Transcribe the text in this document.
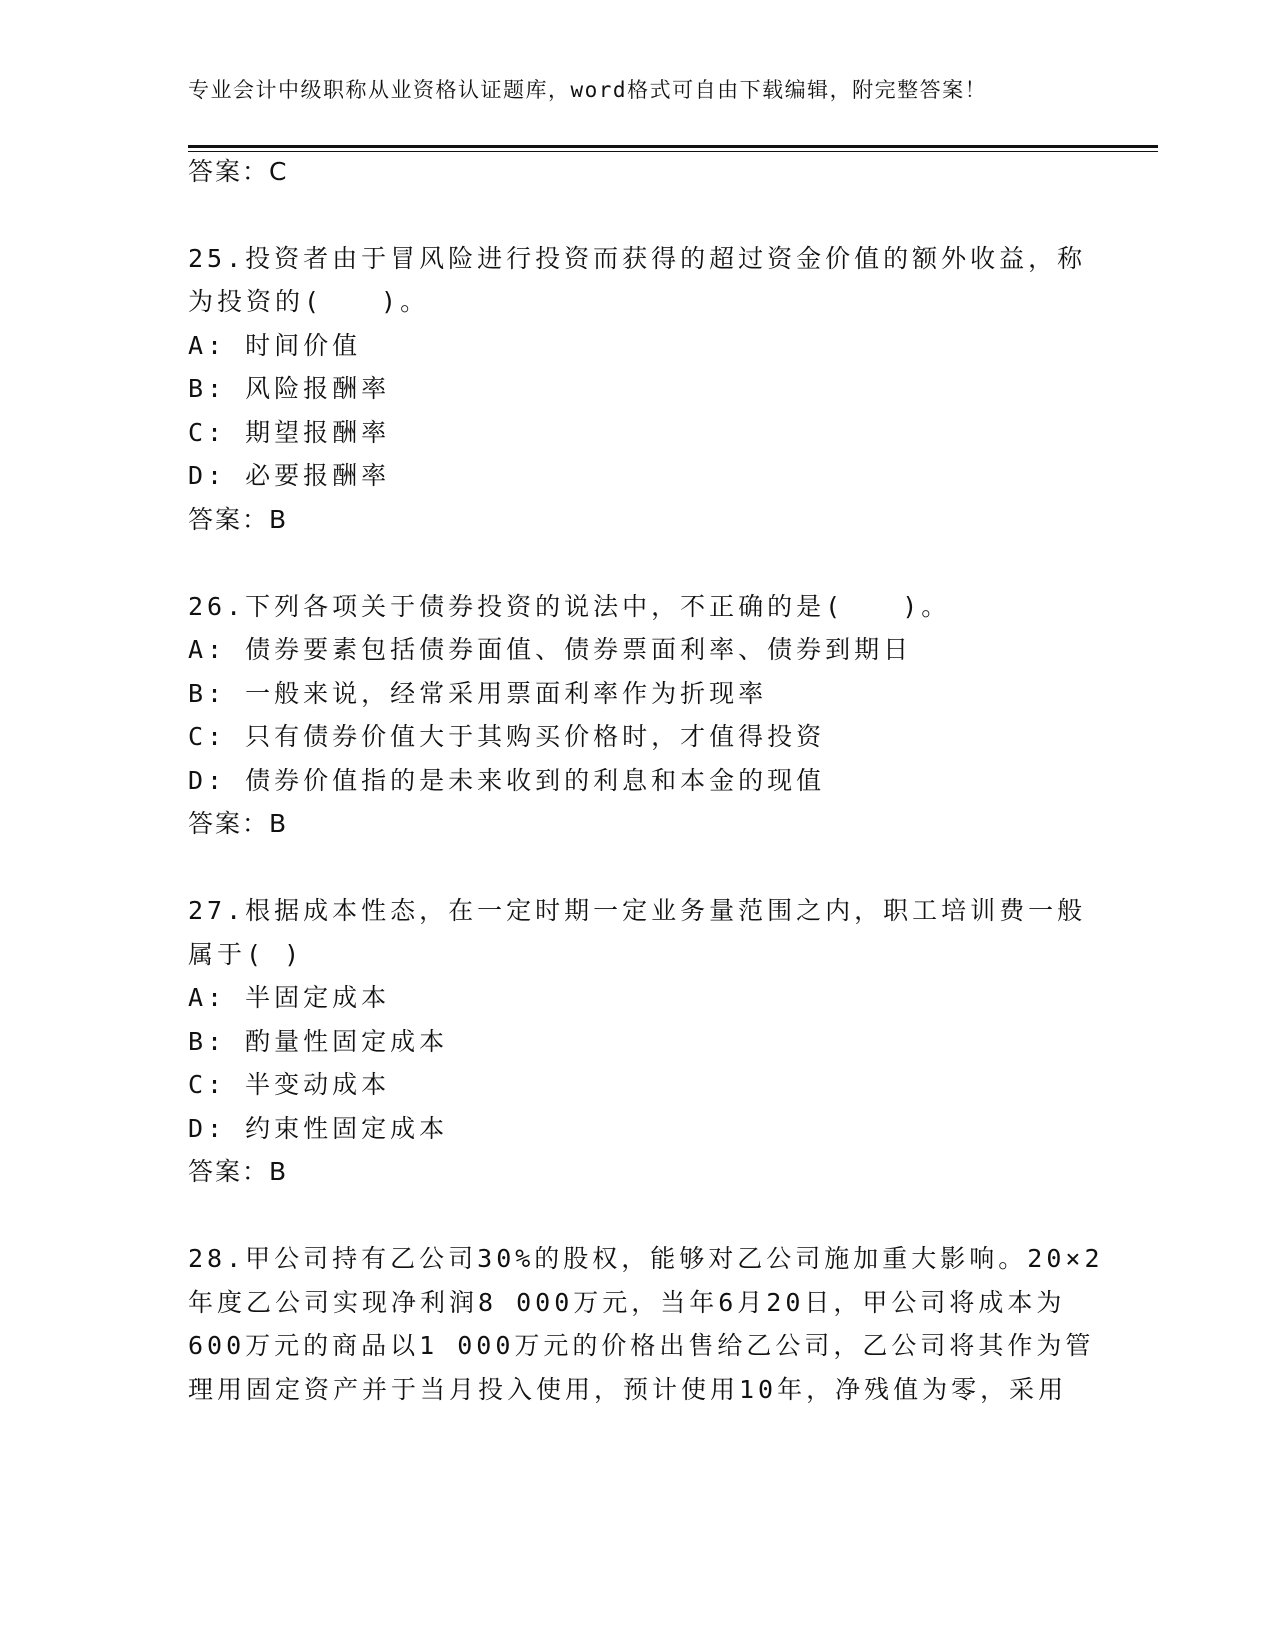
专业会计中级职称从业资格认证题库，word格式可自由下载编辑，附完整答案！
答案：C
25.投资者由于冒风险进行投资而获得的超过资金价值的额外收益，称
为投资的(　　)。
A: 时间价值
B: 风险报酬率
C: 期望报酬率
D: 必要报酬率
答案：B
26.下列各项关于债券投资的说法中，不正确的是(　　)。
A: 债券要素包括债券面值、债券票面利率、债券到期日
B: 一般来说，经常采用票面利率作为折现率
C: 只有债券价值大于其购买价格时，才值得投资
D: 债券价值指的是未来收到的利息和本金的现值
答案：B
27.根据成本性态，在一定时期一定业务量范围之内，职工培训费一般
属于( )
A: 半固定成本
B: 酌量性固定成本
C: 半变动成本
D: 约束性固定成本
答案：B
28.甲公司持有乙公司30%的股权，能够对乙公司施加重大影响。20×2
年度乙公司实现净利润8 000万元，当年6月20日，甲公司将成本为
600万元的商品以1 000万元的价格出售给乙公司，乙公司将其作为管
理用固定资产并于当月投入使用，预计使用10年，净残值为零，采用
